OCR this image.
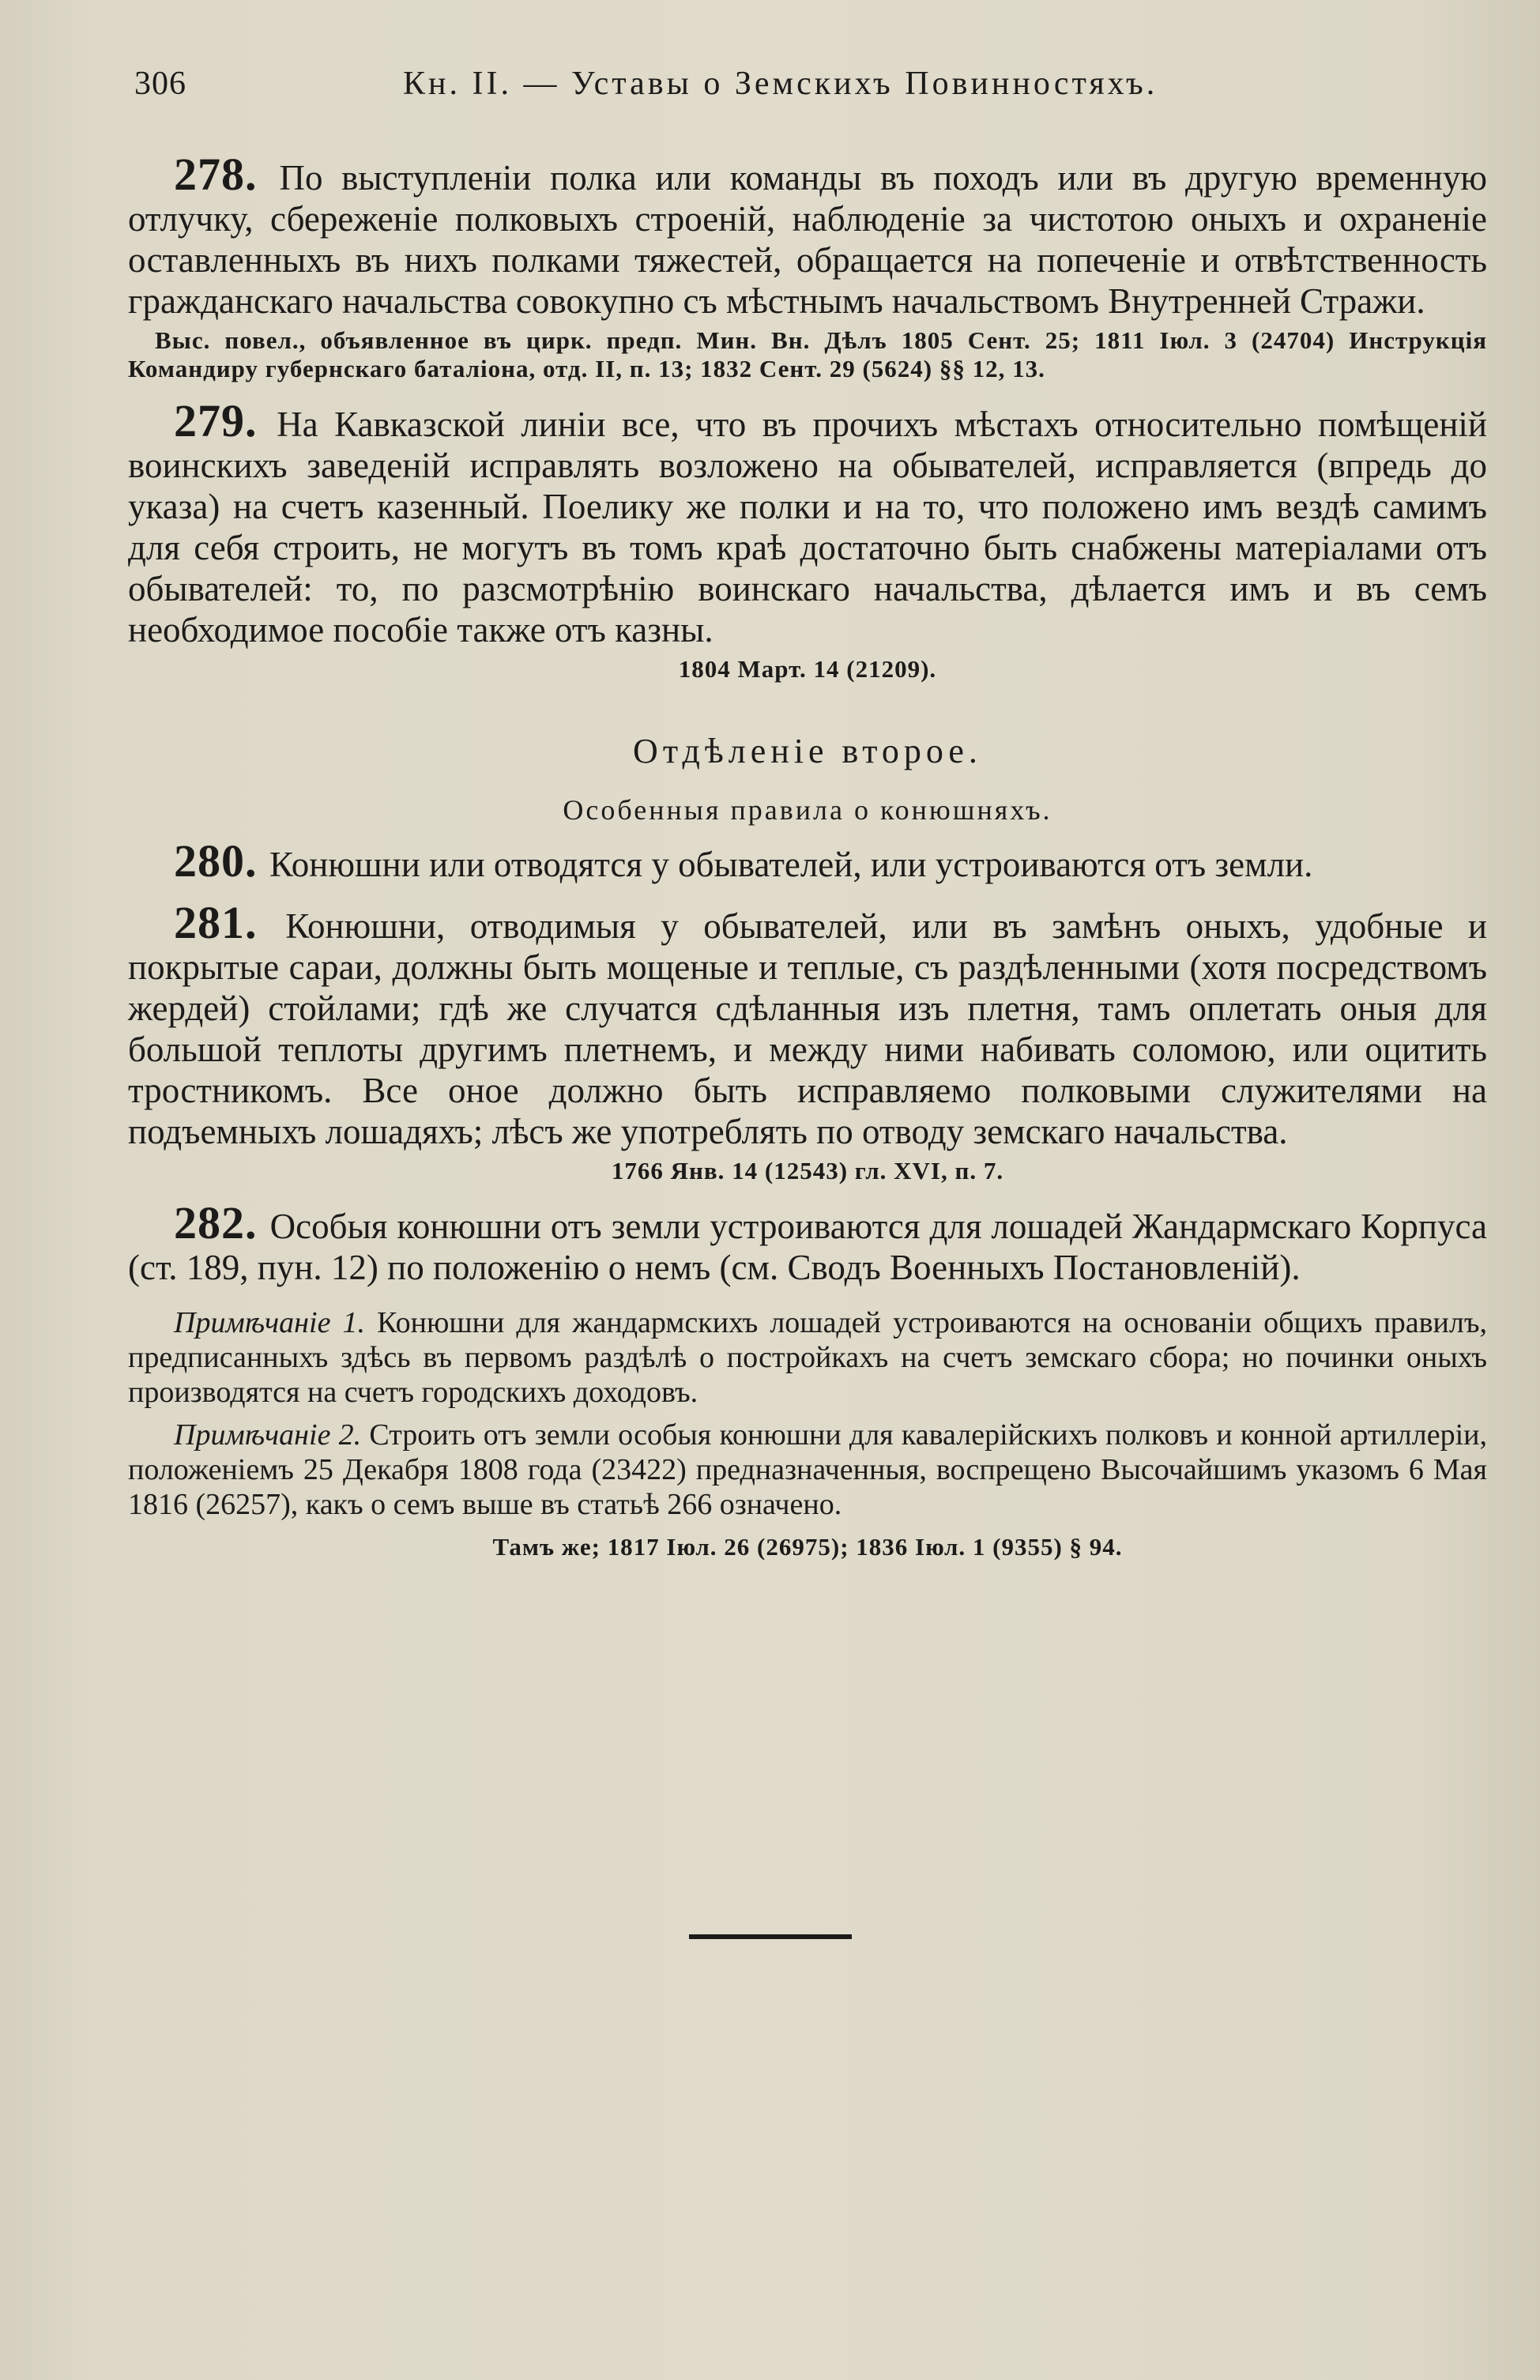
306	Кн. II. — Уставы о Земскихъ Повинностяхъ.

278 . По выступленіи полка или команды въ походъ или въ другую временную отлучку, сбереженіе полковыхъ строеній, наблюденіе за чистотою оныхъ и охраненіе оставленныхъ въ нихъ полками тяжестей, обращается на попеченіе и отвѣтственность гражданскаго начальства совокупно съ мѣстнымъ начальствомъ Внутренней Стражи.

Выс. повел., объявленное въ цирк. предп. Мин. Вн. Дѣлъ 1805 Сент. 25; 1811 Іюл. 3 (24704) Инструкція Командиру губернскаго баталіона, отд. II, п. 13; 1832 Сент. 29 (5624) §§ 12, 13.

279 . На Кавказской линіи все, что въ прочихъ мѣстахъ относительно помѣщеній воинскихъ заведеній исправлять возложено на обывателей, исправляется (впредь до указа) на счетъ казенный. Поелику же полки и на то, что положено имъ вездѣ самимъ для себя строить, не могутъ въ томъ краѣ достаточно быть снабжены матеріалами отъ обывателей: то, по разсмотрѣнію воинскаго начальства, дѣлается имъ и въ семъ необходимое пособіе также отъ казны.

1804 Март. 14 (21209).

Отдѣленіе второе.

Особенныя правила о конюшняхъ.

280 . Конюшни или отводятся у обывателей, или устроиваются отъ земли.

281 . Конюшни, отводимыя у обывателей, или въ замѣнъ оныхъ, удобные и покрытые сараи, должны быть мощеные и теплые, съ раздѣленными (хотя посредствомъ жердей) стойлами; гдѣ же случатся сдѣланныя изъ плетня, тамъ оплетать оныя для большой теплоты другимъ плетнемъ, и между ними набивать соломою, или оцитить тростникомъ. Все оное должно быть исправляемо полковыми служителями на подъемныхъ лошадяхъ; лѣсъ же употреблять по отводу земскаго начальства.

1766 Янв. 14 (12543) гл. XVI, п. 7.

282 . Особыя конюшни отъ земли устроиваются для лошадей Жандармскаго Корпуса (ст. 189, пун. 12) по положенію о немъ (см. Сводъ Военныхъ Постановленій).

Примѣчаніе 1. Конюшни для жандармскихъ лошадей устроиваются на основаніи общихъ правилъ, предписанныхъ здѣсь въ первомъ раздѣлѣ о постройкахъ на счетъ земскаго сбора; но починки оныхъ производятся на счетъ городскихъ доходовъ.

Примѣчаніе 2. Строить отъ земли особыя конюшни для кавалерійскихъ полковъ и конной артиллеріи, положеніемъ 25 Декабря 1808 года (23422) предназначенныя, воспрещено Высочайшимъ указомъ 6 Мая 1816 (26257), какъ о семъ выше въ статьѣ 266 означено.

Тамъ же; 1817 Іюл. 26 (26975); 1836 Іюл. 1 (9355) § 94.
